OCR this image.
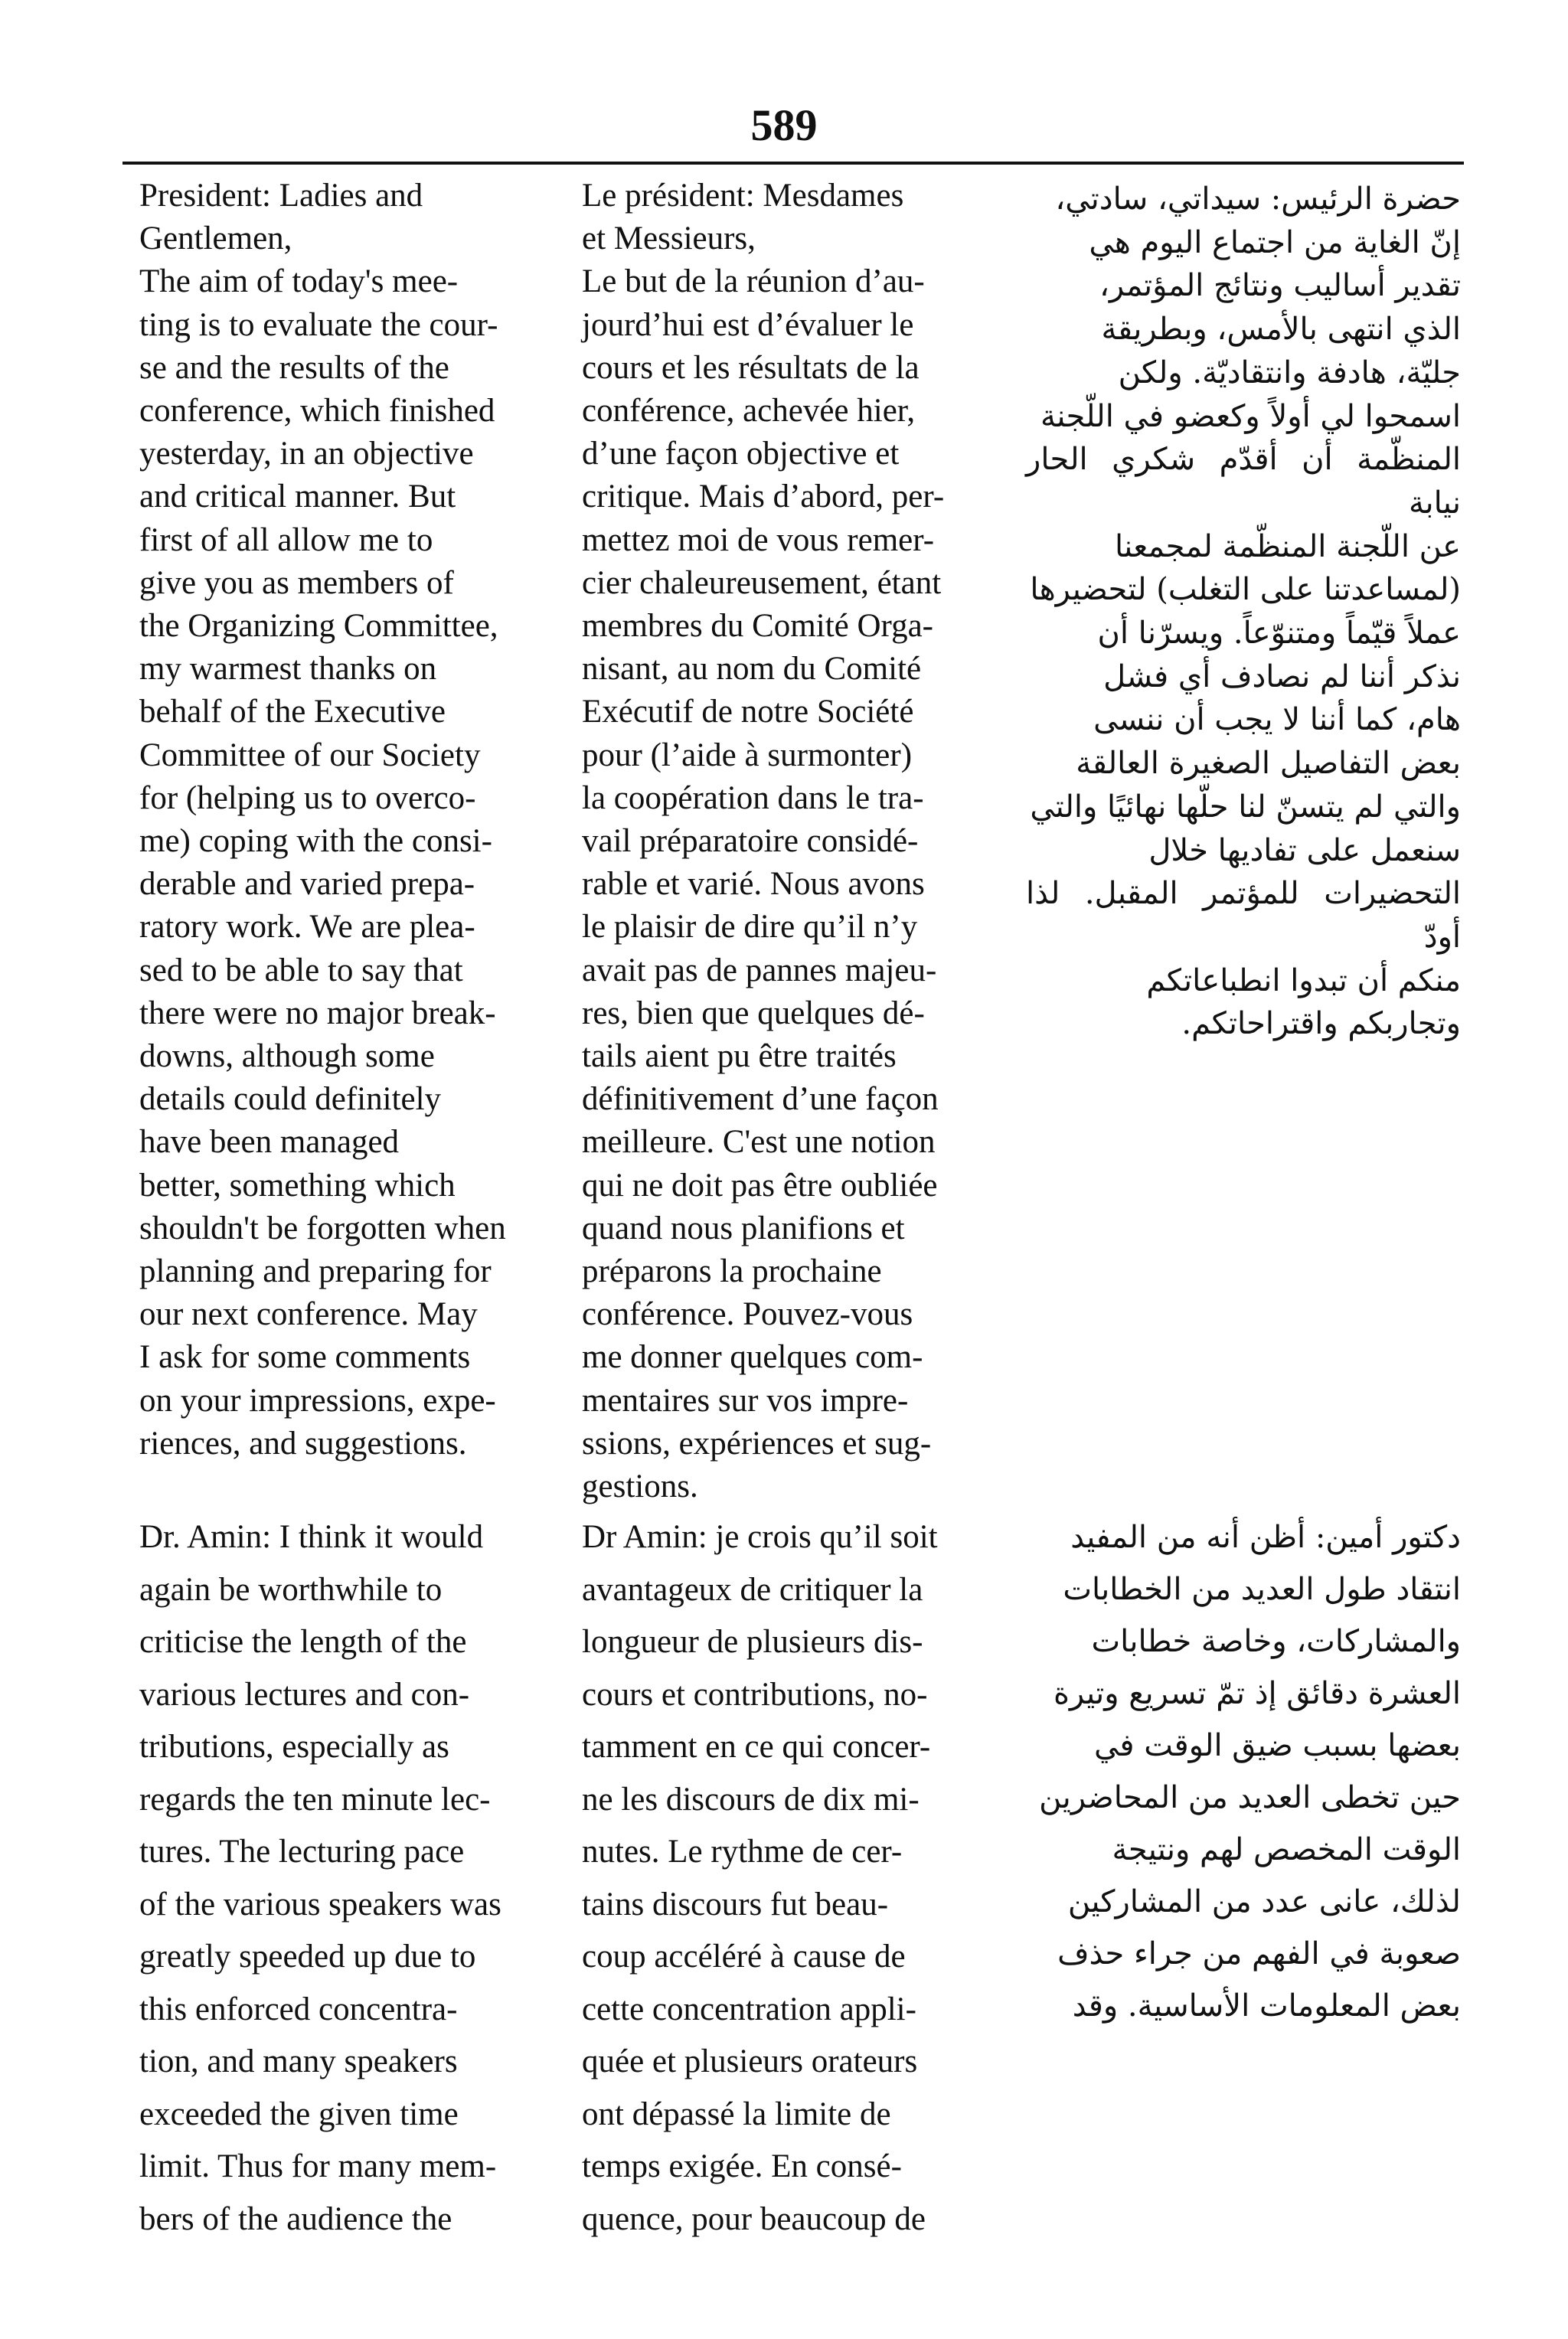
589

President: Ladies and
Gentlemen,
The aim of today's mee-
ting is to evaluate the cour-
se and the results of the
conference, which finished
yesterday, in an objective
and critical manner. But
first of all allow me to
give you as members of
the Organizing Committee,
my warmest thanks on
behalf of the Executive
Committee of our Society
for (helping us to overco-
me) coping with the consi-
derable and varied prepa-
ratory work. We are plea-
sed to be able to say that
there were no major break-
downs, although some
details could definitely
have been managed
better, something which
shouldn't be forgotten when
planning and preparing for
our next conference. May
I ask for some comments
on your impressions, expe-
riences, and suggestions.

Le président: Mesdames
et Messieurs,
Le but de la réunion d’au-
jourd’hui est d’évaluer le
cours et les résultats de la
conférence, achevée hier,
d’une façon objective et
critique. Mais d’abord, per-
mettez moi de vous remer-
cier chaleureusement, étant
membres du Comité Orga-
nisant, au nom du Comité
Exécutif de notre Société
pour (l’aide à surmonter)
la coopération dans le tra-
vail préparatoire considé-
rable et varié. Nous avons
le plaisir de dire qu’il n’y
avait pas de pannes majeu-
res, bien que quelques dé-
tails aient pu être traités
définitivement d’une façon
meilleure. C'est une notion
qui ne doit pas être oubliée
quand nous planifions et
préparons la prochaine
conférence. Pouvez-vous
me donner quelques com-
mentaires sur vos impre-
ssions, expériences et sug-
gestions.

حضرة الرئيس: سيداتي، سادتي،
إنّ الغاية من اجتماع اليوم هي
تقدير أساليب ونتائج المؤتمر،
الذي انتهى بالأمس، وبطريقة
جليّة، هادفة وانتقاديّة. ولكن
اسمحوا لي أولاً وكعضو في اللّجنة
المنظّمة أن أقدّم شكري الحار نيابة
عن اللّجنة المنظّمة لمجمعنا
(لمساعدتنا على التغلب) لتحضيرها
عملاً قيّماً ومتنوّعاً. ويسرّنا أن
نذكر أننا لم نصادف أي فشل
هام، كما أننا لا يجب أن ننسى
بعض التفاصيل الصغيرة العالقة
والتي لم يتسنّ لنا حلّها نهائيًا والتي
سنعمل على تفاديها خلال
التحضيرات للمؤتمر المقبل. لذا أودّ
منكم أن تبدوا انطباعاتكم
وتجاربكم واقتراحاتكم.

Dr. Amin: I think it would
again be worthwhile to
criticise the length of the
various lectures and con-
tributions, especially as
regards the ten minute lec-
tures. The lecturing pace
of the various speakers was
greatly speeded up due to
this enforced concentra-
tion, and many speakers
exceeded the given time
limit. Thus for many mem-
bers of the audience the

Dr Amin: je crois qu’il soit
avantageux de critiquer la
longueur de plusieurs dis-
cours et contributions, no-
tamment en ce qui concer-
ne les discours de dix mi-
nutes. Le rythme de cer-
tains discours fut beau-
coup accéléré à cause de
cette concentration appli-
quée et plusieurs orateurs
ont dépassé la limite de
temps exigée. En consé-
quence, pour beaucoup de

دكتور أمين: أظن أنه من المفيد
انتقاد طول العديد من الخطابات
والمشاركات، وخاصة خطابات
العشرة دقائق إذ تمّ تسريع وتيرة
بعضها بسبب ضيق الوقت في
حين تخطى العديد من المحاضرين
الوقت المخصص لهم ونتيجة
لذلك، عانى عدد من المشاركين
صعوبة في الفهم من جراء حذف
بعض المعلومات الأساسية. وقد
